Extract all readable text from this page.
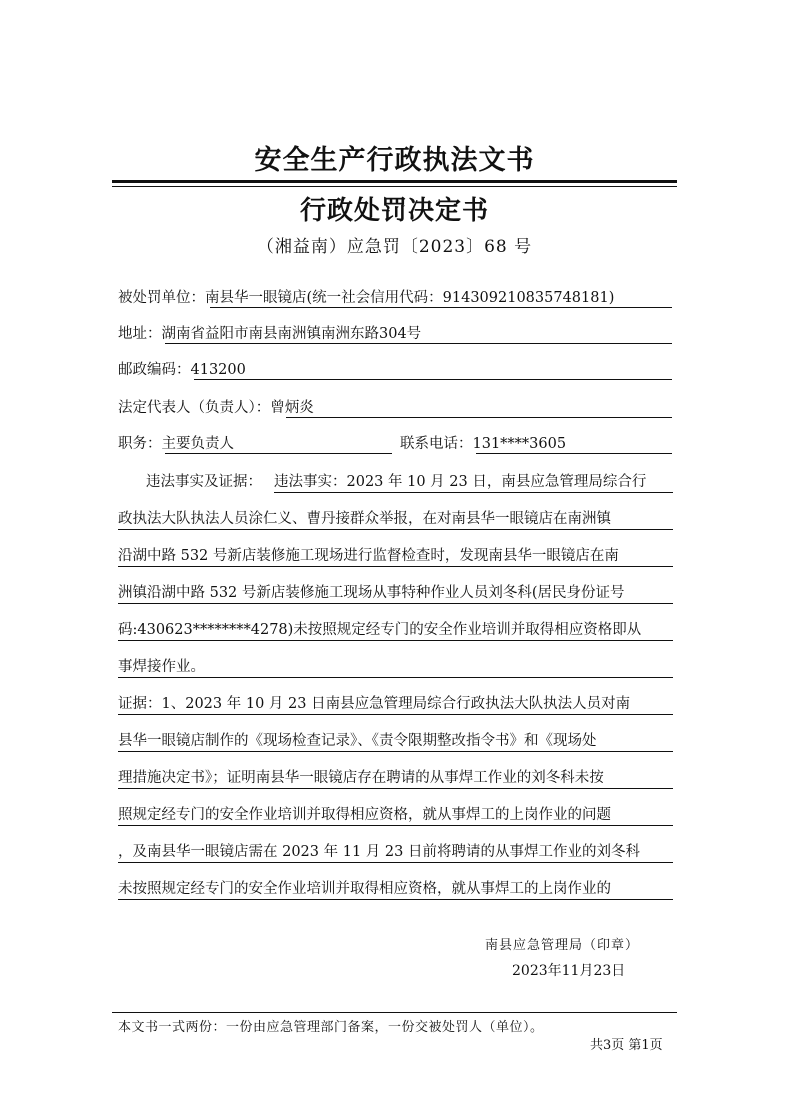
安全生产行政执法文书
行政处罚决定书
（湘益南）应急罚〔2023〕68 号
被处罚单位：南县华一眼镜店(统一社会信用代码：914309210835748181)
地址：湖南省益阳市南县南洲镇南洲东路304号
邮政编码：413200
法定代表人（负责人）：曾炳炎
职务：主要负责人	联系电话：131****3605
违法事实及证据： 违法事实：2023 年 10 月 23 日，南县应急管理局综合行
政执法大队执法人员涂仁义、曹丹接群众举报，在对南县华一眼镜店在南洲镇
沿湖中路 532 号新店装修施工现场进行监督检查时，发现南县华一眼镜店在南
洲镇沿湖中路 532 号新店装修施工现场从事特种作业人员刘冬科(居民身份证号
码:430623********4278)未按照规定经专门的安全作业培训并取得相应资格即从
事焊接作业。
证据：1、2023 年 10 月 23 日南县应急管理局综合行政执法大队执法人员对南
县华一眼镜店制作的《现场检查记录》、《责令限期整改指令书》和《现场处
理措施决定书》；证明南县华一眼镜店存在聘请的从事焊工作业的刘冬科未按
照规定经专门的安全作业培训并取得相应资格，就从事焊工的上岗作业的问题
，及南县华一眼镜店需在 2023 年 11 月 23 日前将聘请的从事焊工作业的刘冬科
未按照规定经专门的安全作业培训并取得相应资格，就从事焊工的上岗作业的
南县应急管理局（印章）
2023年11月23日
本文书一式两份：一份由应急管理部门备案，一份交被处罚人（单位）。
共3页 第1页
